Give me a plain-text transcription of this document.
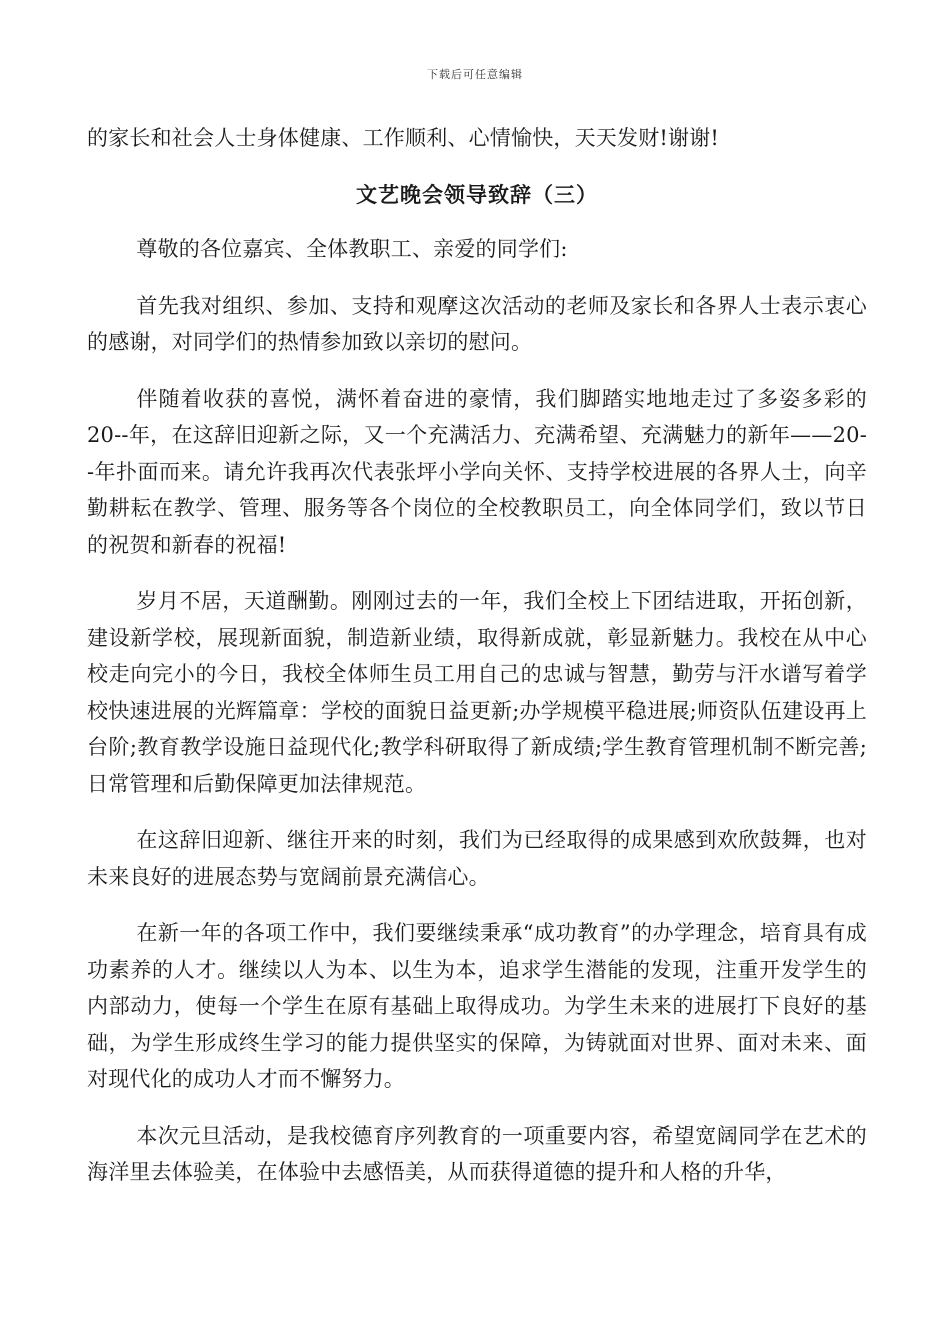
下载后可任意编辑

的家长和社会人士身体健康、工作顺利、心情愉快，天天发财!谢谢!

文艺晚会领导致辞（三）

尊敬的各位嘉宾、全体教职工、亲爱的同学们:

首先我对组织、参加、支持和观摩这次活动的老师及家长和各界人士表示衷心的感谢，对同学们的热情参加致以亲切的慰问。

伴随着收获的喜悦，满怀着奋进的豪情，我们脚踏实地地走过了多姿多彩的20--年，在这辞旧迎新之际，又一个充满活力、充满希望、充满魅力的新年——20--年扑面而来。请允许我再次代表张坪小学向关怀、支持学校进展的各界人士，向辛勤耕耘在教学、管理、服务等各个岗位的全校教职员工，向全体同学们，致以节日的祝贺和新春的祝福!

岁月不居，天道酬勤。刚刚过去的一年，我们全校上下团结进取，开拓创新，建设新学校，展现新面貌，制造新业绩，取得新成就，彰显新魅力。我校在从中心校走向完小的今日，我校全体师生员工用自己的忠诚与智慧，勤劳与汗水谱写着学校快速进展的光辉篇章：学校的面貌日益更新;办学规模平稳进展;师资队伍建设再上台阶;教育教学设施日益现代化;教学科研取得了新成绩;学生教育管理机制不断完善;日常管理和后勤保障更加法律规范。

在这辞旧迎新、继往开来的时刻，我们为已经取得的成果感到欢欣鼓舞，也对未来良好的进展态势与宽阔前景充满信心。

在新一年的各项工作中，我们要继续秉承“成功教育”的办学理念，培育具有成功素养的人才。继续以人为本、以生为本，追求学生潜能的发现，注重开发学生的内部动力，使每一个学生在原有基础上取得成功。为学生未来的进展打下良好的基础，为学生形成终生学习的能力提供坚实的保障，为铸就面对世界、面对未来、面对现代化的成功人才而不懈努力。

本次元旦活动，是我校德育序列教育的一项重要内容，希望宽阔同学在艺术的海洋里去体验美，在体验中去感悟美，从而获得道德的提升和人格的升华，
